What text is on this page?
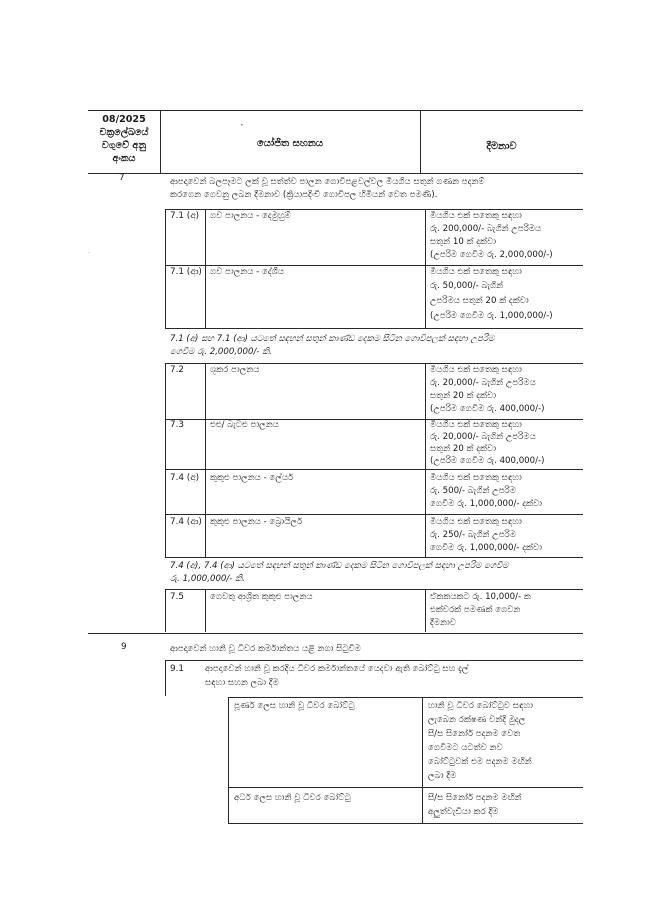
•
·
08/2025
චක්‍රලේඛයේ
වගුවේ අනු
අංකය
යෝජිත සහනය	දීමනාව
7	ආපදාවෙන් බලපෑමට ලක් වූ සත්ත්ව පාලන ගොවිපළවල්වල මියගිය සතුන් ගණන පදනම්
කරගෙන ගෙවනු ලබන දීමනාව (ක්‍රියාපදිංචි ගොවිපල හිමියන් වෙත පමණි).
7.1 (අ) ගව පාලනය - දෙමුහුම්	මියගිය එක් සතෙකු සඳහා
රු. 200,000/- බැගින් උපරිමය
සතුන් 10 ක් දක්වා
(උපරිම ගෙවීම රු. 2,000,000/-)
7.1 (ආ) ගව පාලනය - දේශීය	මියගිය එක් සතෙකු සඳහා
රු. 50,000/- බැගින්
උපරිමය සතුන් 20 ක් දක්වා
(උපරිම ගෙවීම රු. 1,000,000/-)
7.1 (අ) සහ 7.1 (ආ) යටතේ සඳහන් සතුන් කාණ්ඩ දෙකම සිටින ගොවිපලක් සඳහා උපරිම
ගෙවීම රු. 2,000,000/- කි.
7.2	ශූකර පාලනය	මියගිය එක් සතෙකු සඳහා
රු. 20,000/- බැගින් උපරිමය
සතුන් 20 ක් දක්වා
(උපරිම ගෙවීම රු. 400,000/-)
7.3	එළු/ බැටළු පාලනය	මියගිය එක් සතෙකු සඳහා
රු. 20,000/- බැගින් උපරිමය
සතුන් 20 ක් දක්වා
(උපරිම ගෙවීම රු. 400,000/-)
7.4 (අ) කුකුළු පාලනය - ලේයර්	මියගිය එක් සතෙකු සඳහා
රු. 500/- බැගින් උපරිම
ගෙවීම රු. 1,000,000/- දක්වා
7.4 (ආ) කුකුළු පාලනය - බ්‍රොයිලර්	මියගිය එක් සතෙකු සඳහා
රු. 250/- බැගින් උපරිම
ගෙවීම රු. 1,000,000/- දක්වා
7.4 (අ), 7.4 (ආ) යටතේ සඳහන් සතුන් කාණ්ඩ දෙකම සිටින ගොවිපලක් සඳහා උපරිම ගෙවීම
රු. 1,000,000/- කි.
7.5	ගෙවතු ආශ්‍රිත කුකුළු පාලනය	ඒකකයකට රු. 10,000/- ක
එක්වරක් පමණක් ගෙවන
දීමනාව
9	ආපදාවෙන් හානි වූ ධීවර කර්මාන්තය යළි නගා සිටුවීම
9.1 ආපදාවෙන් හානි වූ කරදිය ධීවර කර්මාන්තයේ යෙදවා ඇති බෝට්ටු සහ දැල්
සඳහා සහන ලබා දීම
පූර්ණ ලෙස හානි වූ ධීවර බෝට්ටු	හානි වූ ධීවර බෝට්ටුව සඳහා
ලැබෙන රක්ෂණ වන්දි මුදල
සී/ස සිනෝර් පදනම වෙත
ගෙවීමට යටත්ව නව
බෝට්ටුවක් එම පදනම මඟින්
ලබා දීම
අර්ධ ලෙස හානි වූ ධීවර බෝට්ටු	සී/ස සිනෝර් පදනම මඟින්
අලුත්වැඩියා කර දීම
